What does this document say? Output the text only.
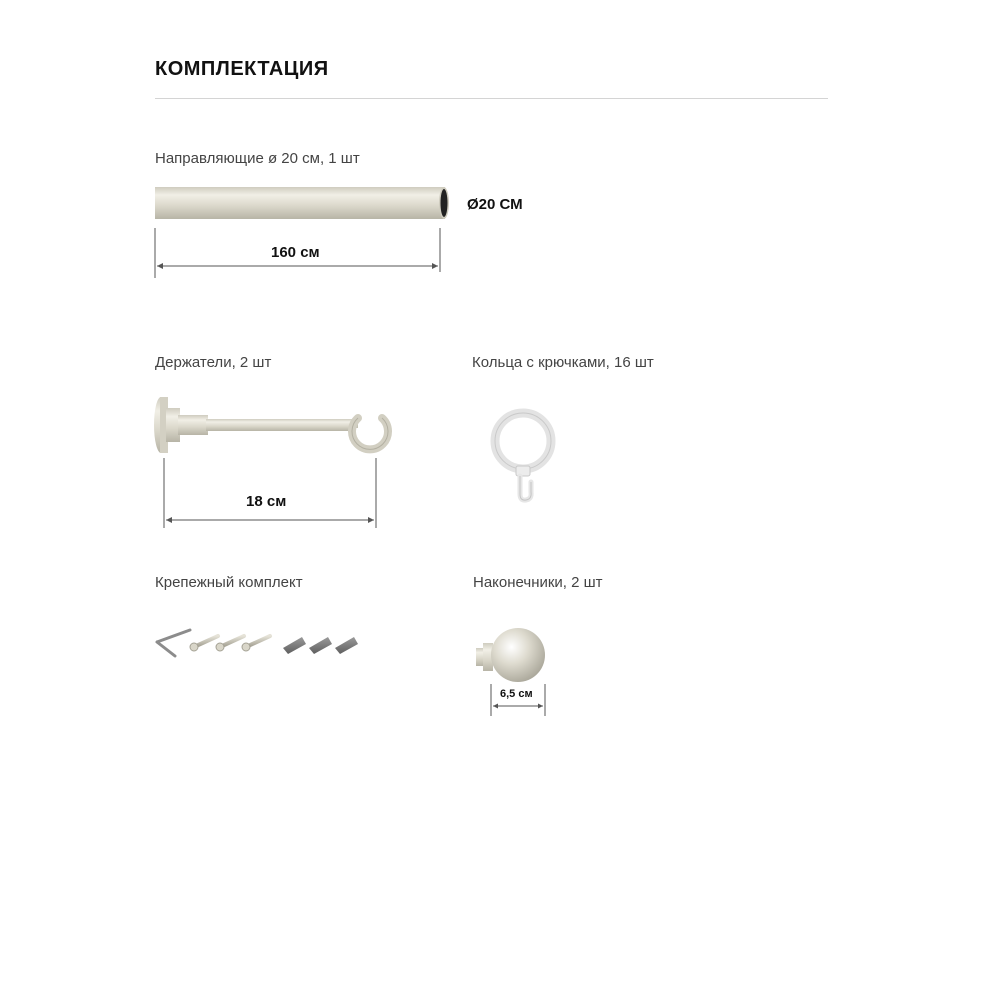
КОМПЛЕКТАЦИЯ
Направляющие ø 20 см, 1 шт
Держатели, 2 шт	Кольца с крючками, 16 шт
Крепежный комплект	Наконечники, 2 шт
Ø20 СМ
160 см
18 см
6,5 см
